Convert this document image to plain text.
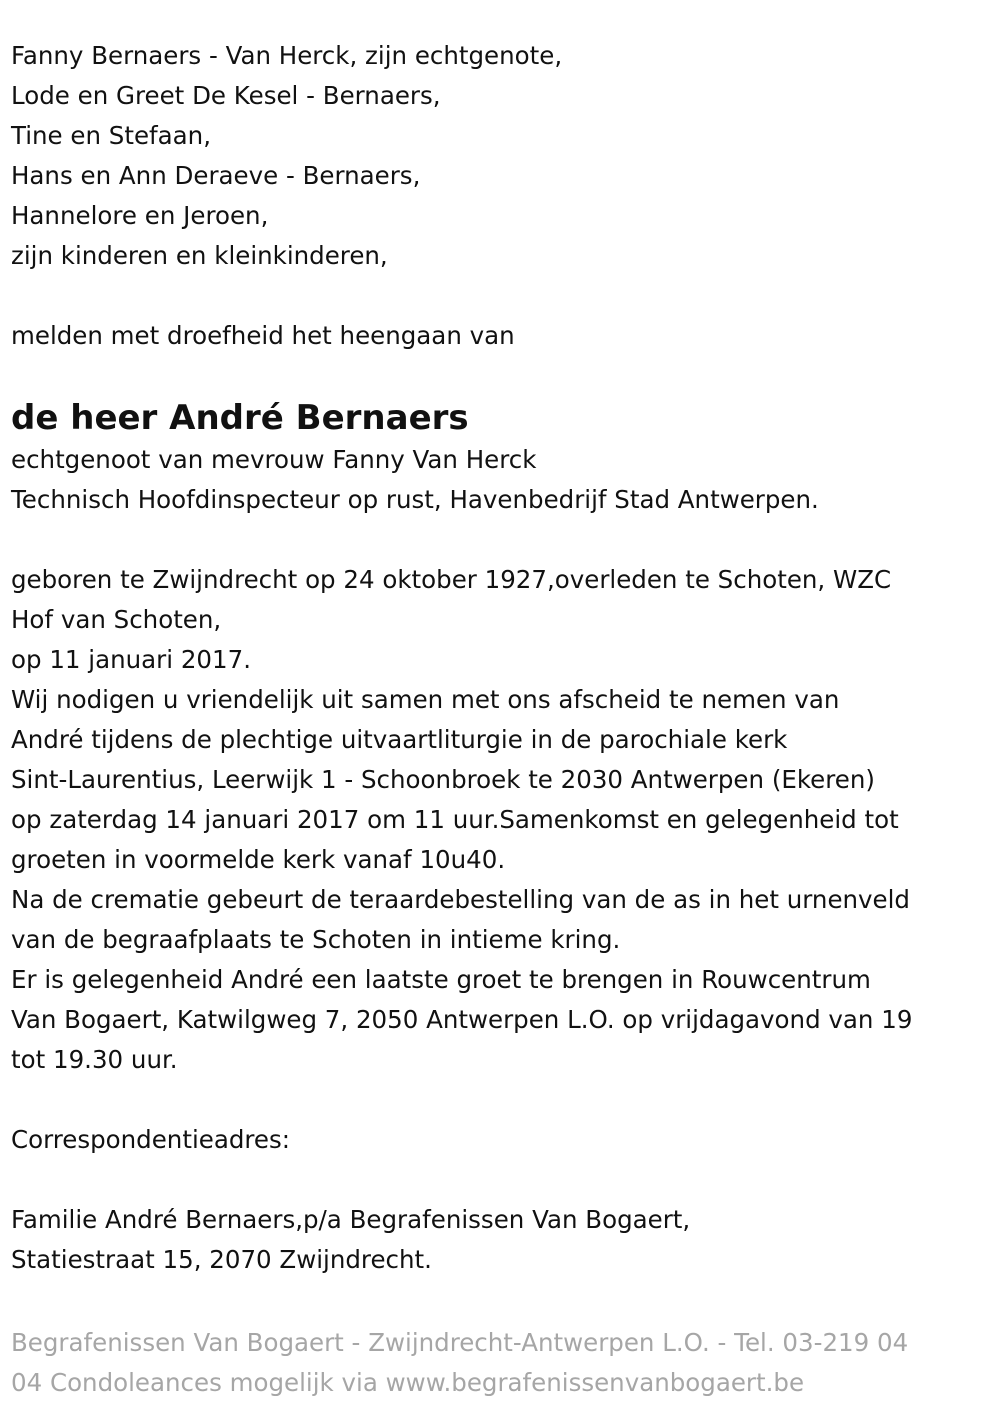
Fanny Bernaers - Van Herck, zijn echtgenote,
Lode en Greet De Kesel - Bernaers,
Tine en Stefaan,
Hans en Ann Deraeve - Bernaers,
Hannelore en Jeroen,
zijn kinderen en kleinkinderen,
melden met droefheid het heengaan van
de heer André Bernaers
echtgenoot van mevrouw Fanny Van Herck
Technisch Hoofdinspecteur op rust, Havenbedrijf Stad Antwerpen.
geboren te Zwijndrecht op 24 oktober 1927,overleden te Schoten, WZC
Hof van Schoten,
op 11 januari 2017.
Wij nodigen u vriendelijk uit samen met ons afscheid te nemen van
André tijdens de plechtige uitvaartliturgie in de parochiale kerk
Sint-Laurentius, Leerwijk 1 - Schoonbroek te 2030 Antwerpen (Ekeren)
op zaterdag 14 januari 2017 om 11 uur.Samenkomst en gelegenheid tot
groeten in voormelde kerk vanaf 10u40.
Na de crematie gebeurt de teraardebestelling van de as in het urnenveld
van de begraafplaats te Schoten in intieme kring.
Er is gelegenheid André een laatste groet te brengen in Rouwcentrum
Van Bogaert, Katwilgweg 7, 2050 Antwerpen L.O. op vrijdagavond van 19
tot 19.30 uur.
Correspondentieadres:
Familie André Bernaers,p/a Begrafenissen Van Bogaert,
Statiestraat 15, 2070 Zwijndrecht.
Begrafenissen Van Bogaert - Zwijndrecht-Antwerpen L.O. - Tel. 03-219 04
04 Condoleances mogelijk via www.begrafenissenvanbogaert.be
